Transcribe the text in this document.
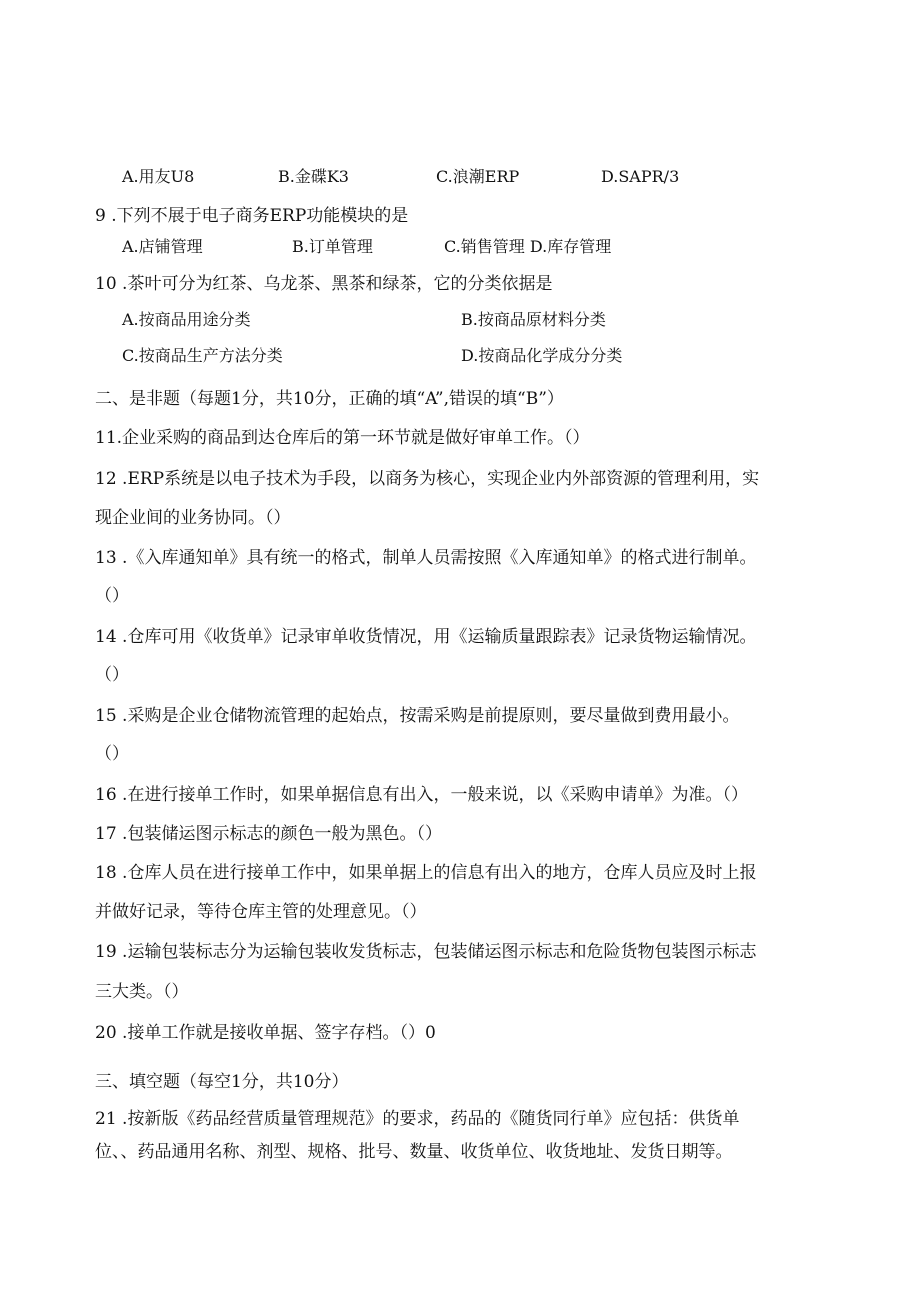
A.用友U8	B.金碟K3	C.浪潮ERP	D.SAPR/3
9 .下列不展于电子商务ERP功能模块的是
A.店铺管理	B.订单管理	C.销售管理 D.库存管理
10 .茶叶可分为红茶、乌龙茶、黑茶和绿茶，它的分类依据是
A.按商品用途分类	B.按商品原材料分类
C.按商品生产方法分类	D.按商品化学成分分类
二、是非题（每题1分，共10分，正确的填“A”,错误的填“B”）
11.企业采购的商品到达仓库后的第一环节就是做好审单工作。（）
12 .ERP系统是以电子技术为手段，以商务为核心，实现企业内外部资源的管理利用，实
现企业间的业务协同。（）
13 .《入库通知单》具有统一的格式，制单人员需按照《入库通知单》的格式进行制单。
（）
14 .仓库可用《收货单》记录审单收货情况，用《运输质量跟踪表》记录货物运输情况。
（）
15 .采购是企业仓储物流管理的起始点，按需采购是前提原则，要尽量做到费用最小。
（）
16 .在进行接单工作时，如果单据信息有出入，一般来说，以《采购申请单》为准。（）
17 .包装储运图示标志的颜色一般为黑色。（）
18 .仓库人员在进行接单工作中，如果单据上的信息有出入的地方，仓库人员应及时上报
并做好记录，等待仓库主管的处理意见。（）
19 .运输包装标志分为运输包装收发货标志，包装储运图示标志和危险货物包装图示标志
三大类。（）
20 .接单工作就是接收单据、签字存档。（）0
三、填空题（每空1分，共10分）
21 .按新版《药品经营质量管理规范》的要求，药品的《随货同行单》应包括：供货单
位、、药品通用名称、剂型、规格、批号、数量、收货单位、收货地址、发货日期等。
